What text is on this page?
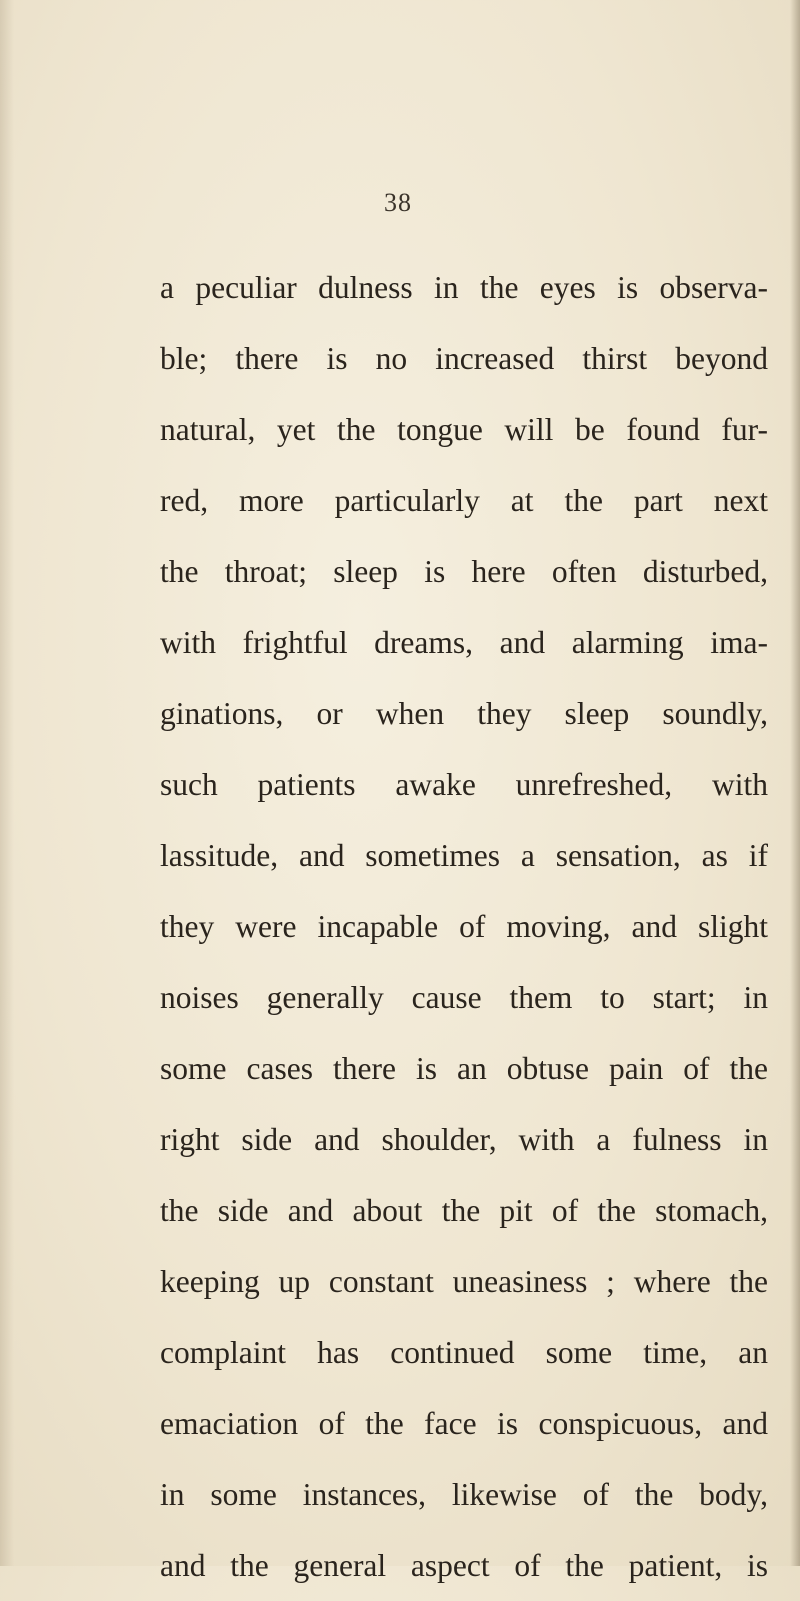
38
a peculiar dulness in the eyes is observa-
ble; there is no increased thirst beyond
natural, yet the tongue will be found fur-
red, more particularly at the part next
the throat; sleep is here often disturbed,
with frightful dreams, and alarming ima-
ginations, or when they sleep soundly,
such patients awake unrefreshed, with
lassitude, and sometimes a sensation, as if
they were incapable of moving, and slight
noises generally cause them to start; in
some cases there is an obtuse pain of the
right side and shoulder, with a fulness in
the side and about the pit of the stomach,
keeping up constant uneasiness ; where the
complaint has continued some time, an
emaciation of the face is conspicuous, and
in some instances, likewise of the body,
and the general aspect of the patient, is
